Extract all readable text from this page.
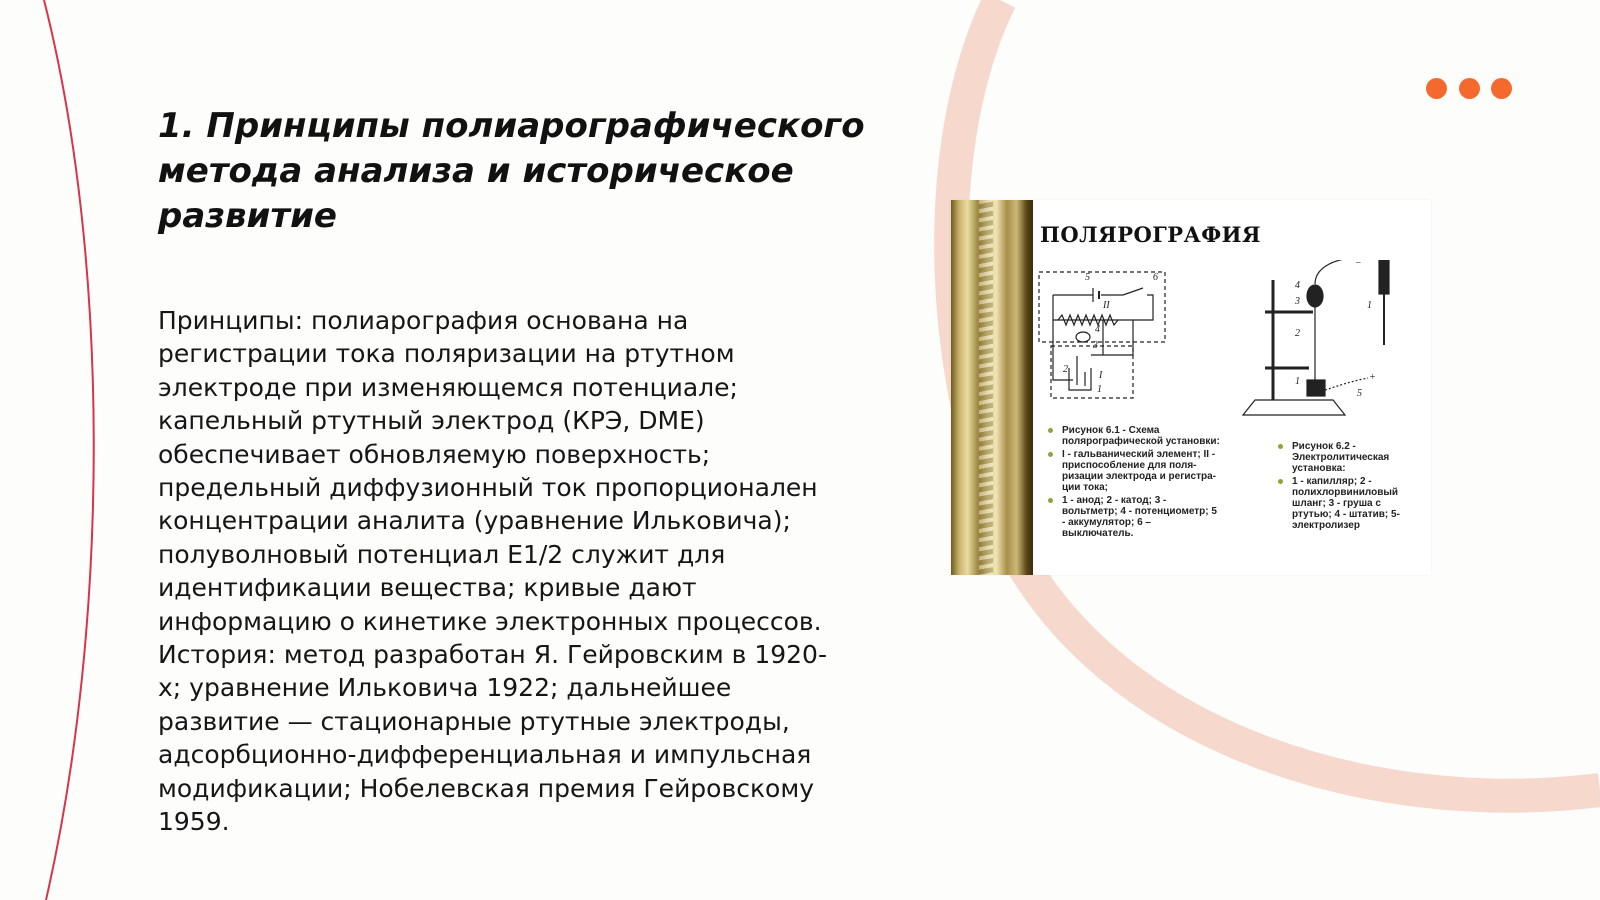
1. Принципы полиарографического метода анализа и историческое развитие

Принципы: полиарография основана на регистрации тока поляризации на ртутном электроде при изменяющемся потенциале; капельный ртутный электрод (КРЭ, DME) обеспечивает обновляемую поверхность; предельный диффузионный ток пропорционален концентрации аналита (уравнение Ильковича); полуволновый потенциал E1/2 служит для идентификации вещества; кривые дают информацию о кинетике электронных процессов. История: метод разработан Я. Гейровским в 1920-х; уравнение Ильковича 1922; дальнейшее развитие — стационарные ртутные электроды, адсорбционно-дифференциальная и импульсная модификации; Нобелевская премия Гейровскому 1959.

ПОЛЯРОГРАФИЯ
5	6
II
4
3
2
I
1
4
3
2
1
5
1
+
−
Рисунок 6.1 - Схема
полярографической установки:
I - гальванический элемент; II -
приспособление для поля-
ризации электрода и регистра-
ции тока;
1 - анод; 2 - катод; 3 -
вольтметр; 4 - потенциометр; 5
- аккумулятор; 6 –
выключатель.
Рисунок 6.2 -
Электролитическая
установка:
1 - капилляр; 2 -
полихлорвиниловый
шланг; 3 - груша с
ртутью; 4 - штатив; 5-
электролизер
